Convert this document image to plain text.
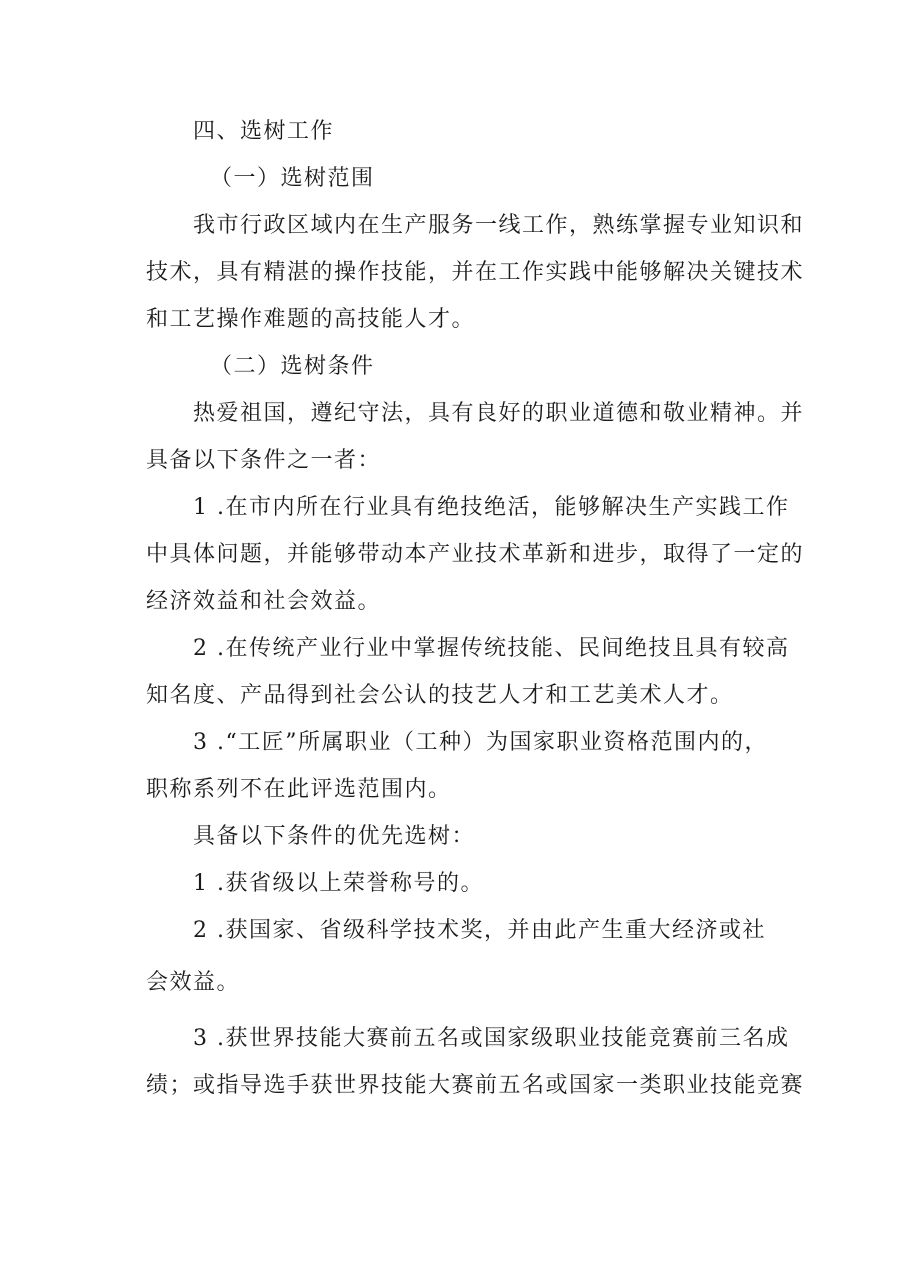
四、选树工作
（一）选树范围
我市行政区域内在生产服务一线工作，熟练掌握专业知识和
技术，具有精湛的操作技能，并在工作实践中能够解决关键技术
和工艺操作难题的高技能人才。
（二）选树条件
热爱祖国，遵纪守法，具有良好的职业道德和敬业精神。并
具备以下条件之一者：
1 .在市内所在行业具有绝技绝活，能够解决生产实践工作
中具体问题，并能够带动本产业技术革新和进步，取得了一定的
经济效益和社会效益。
2 .在传统产业行业中掌握传统技能、民间绝技且具有较高
知名度、产品得到社会公认的技艺人才和工艺美术人才。
3 .“工匠”所属职业（工种）为国家职业资格范围内的，
职称系列不在此评选范围内。
具备以下条件的优先选树：
1 .获省级以上荣誉称号的。
2 .获国家、省级科学技术奖，并由此产生重大经济或社
会效益。
3 .获世界技能大赛前五名或国家级职业技能竞赛前三名成
绩；或指导选手获世界技能大赛前五名或国家一类职业技能竞赛
